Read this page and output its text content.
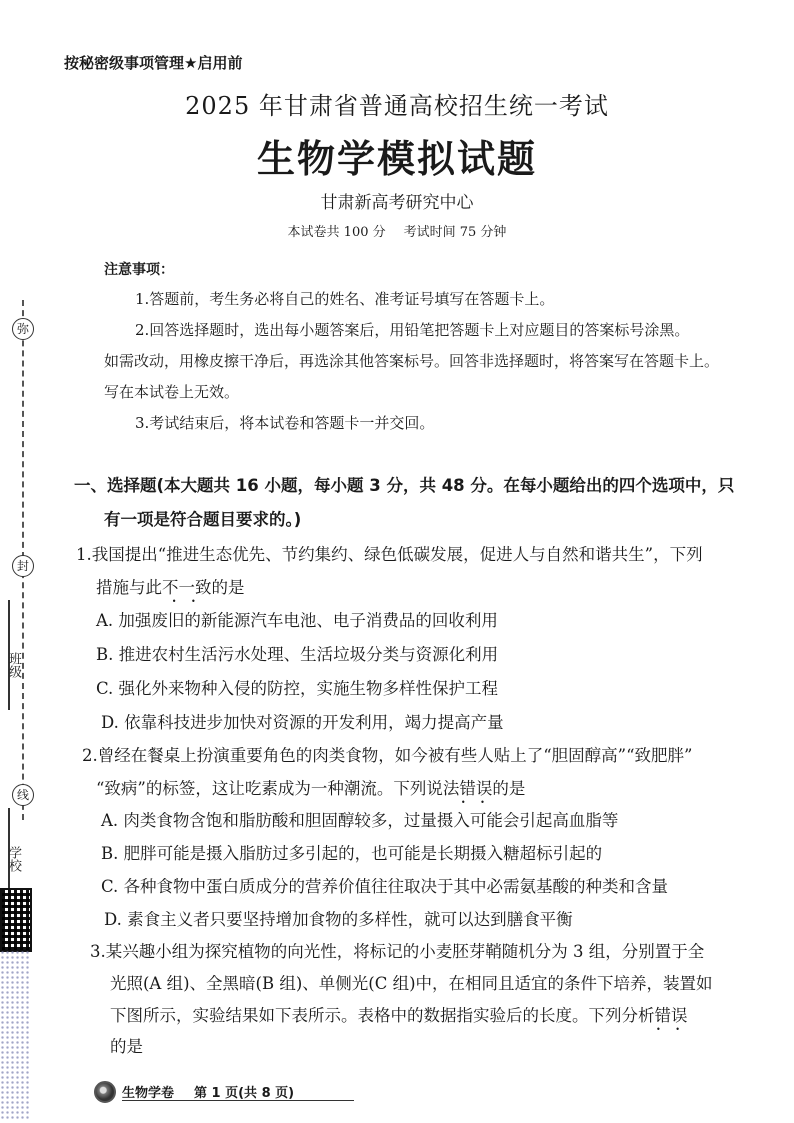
弥
封
线
班级
学校
按秘密级事项管理★启用前
2025 年甘肃省普通高校招生统一考试
生物学模拟试题
甘肃新高考研究中心
本试卷共 100 分 考试时间 75 分钟
注意事项：
1.答题前，考生务必将自己的姓名、准考证号填写在答题卡上。
2.回答选择题时，选出每小题答案后，用铅笔把答题卡上对应题目的答案标号涂黑。
如需改动，用橡皮擦干净后，再选涂其他答案标号。回答非选择题时，将答案写在答题卡上。
写在本试卷上无效。
3.考试结束后，将本试卷和答题卡一并交回。
一、选择题(本大题共 16 小题，每小题 3 分，共 48 分。在每小题给出的四个选项中，只
有一项是符合题目要求的。)
1.我国提出“推进生态优先、节约集约、绿色低碳发展，促进人与自然和谐共生”，下列
措施与此不一致 • •的是
A. 加强废旧的新能源汽车电池、电子消费品的回收利用
B. 推进农村生活污水处理、生活垃圾分类与资源化利用
C. 强化外来物种入侵的防控，实施生物多样性保护工程
D. 依靠科技进步加快对资源的开发利用，竭力提高产量
2.曾经在餐桌上扮演重要角色的肉类食物，如今被有些人贴上了“胆固醇高”“致肥胖”
“致病”的标签，这让吃素成为一种潮流。下列说法错误 • •的是
A. 肉类食物含饱和脂肪酸和胆固醇较多，过量摄入可能会引起高血脂等
B. 肥胖可能是摄入脂肪过多引起的，也可能是长期摄入糖超标引起的
C. 各种食物中蛋白质成分的营养价值往往取决于其中必需氨基酸的种类和含量
D. 素食主义者只要坚持增加食物的多样性，就可以达到膳食平衡
3.某兴趣小组为探究植物的向光性，将标记的小麦胚芽鞘随机分为 3 组，分别置于全
光照(A 组)、全黑暗(B 组)、单侧光(C 组)中，在相同且适宜的条件下培养，装置如
下图所示，实验结果如下表所示。表格中的数据指实验后的长度。下列分析错误 • •
的是
生物学卷 第 1 页(共 8 页)
